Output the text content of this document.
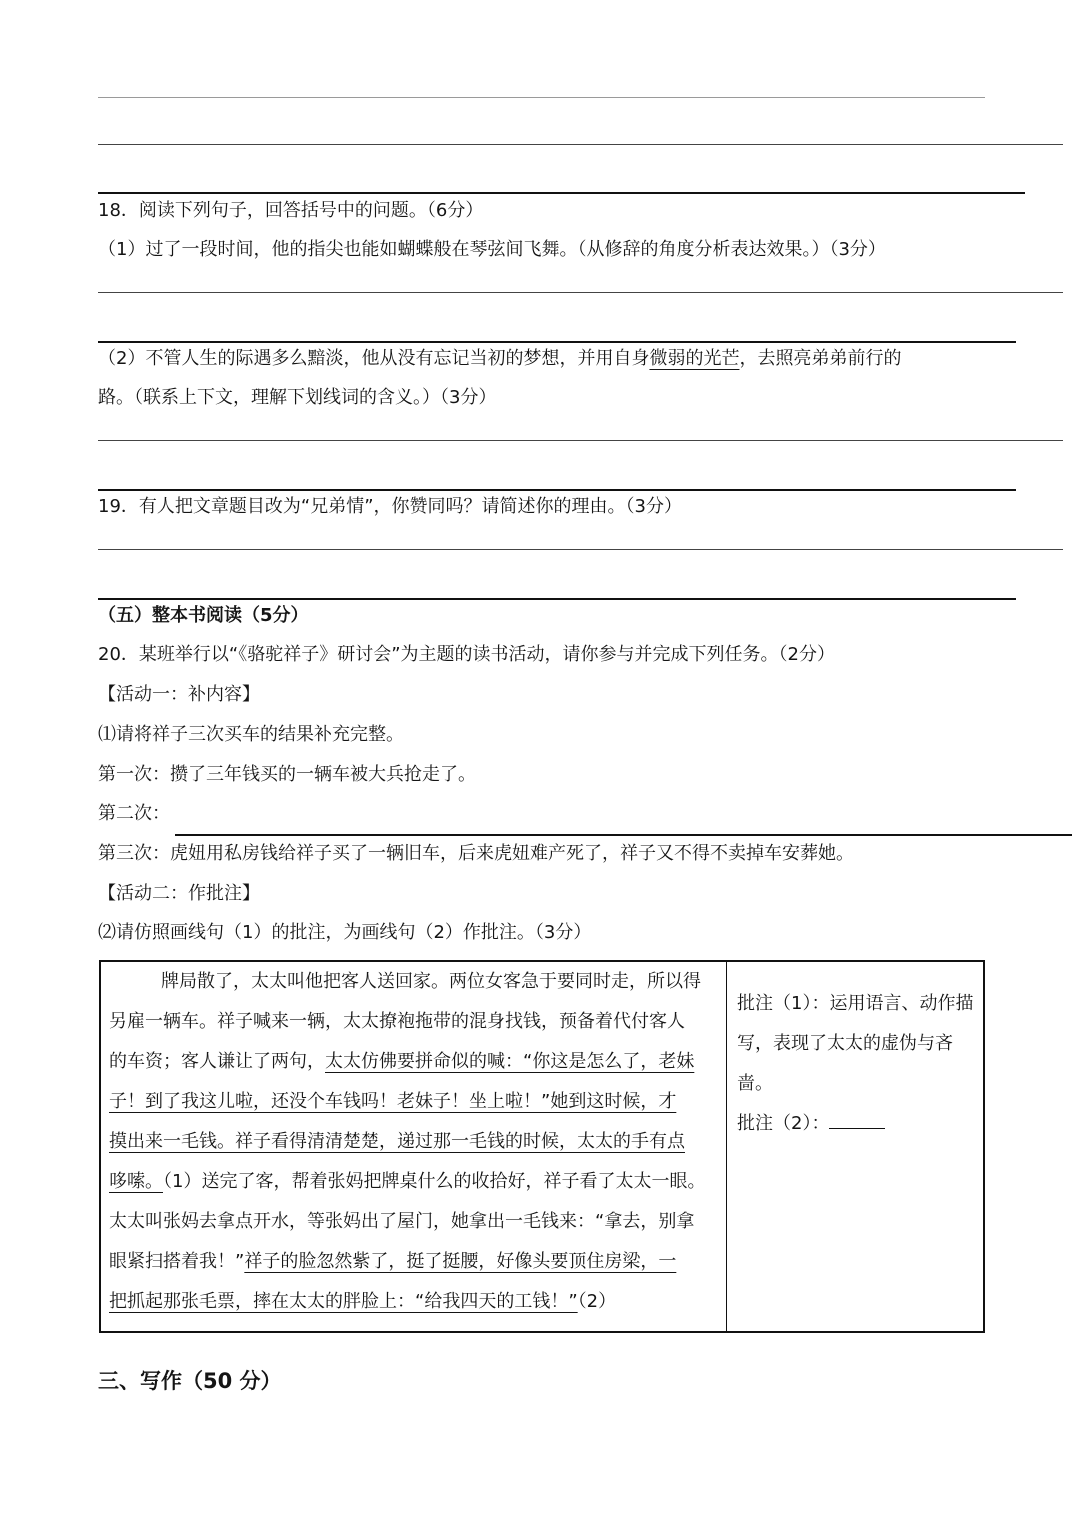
18．阅读下列句子，回答括号中的问题。（6分）
（1）过了一段时间，他的指尖也能如蝴蝶般在琴弦间飞舞。（从修辞的角度分析表达效果。）（3分）
（2）不管人生的际遇多么黯淡，他从没有忘记当初的梦想，并用自身微弱的光芒，去照亮弟弟前行的
路。（联系上下文，理解下划线词的含义。）（3分）
19．有人把文章题目改为“兄弟情”，你赞同吗？请简述你的理由。（3分）
（五）整本书阅读（5分）
20．某班举行以“《骆驼祥子》研讨会”为主题的读书活动，请你参与并完成下列任务。（2分）
【活动一：补内容】
⑴请将祥子三次买车的结果补充完整。
第一次：攒了三年钱买的一辆车被大兵抢走了。
第二次：
第三次：虎妞用私房钱给祥子买了一辆旧车，后来虎妞难产死了，祥子又不得不卖掉车安葬她。
【活动二：作批注】
⑵请仿照画线句（1）的批注，为画线句（2）作批注。（3分）
牌局散了，太太叫他把客人送回家。两位女客急于要同时走，所以得
另雇一辆车。祥子喊来一辆，太太撩袍拖带的混身找钱，预备着代付客人
的车资；客人谦让了两句，太太仿佛要拼命似的喊：“你这是怎么了，老妹
子！到了我这儿啦，还没个车钱吗！老妹子！坐上啦！”她到这时候，才
摸出来一毛钱。祥子看得清清楚楚，递过那一毛钱的时候，太太的手有点
哆嗦。（1）送完了客，帮着张妈把牌桌什么的收拾好，祥子看了太太一眼。
太太叫张妈去拿点开水，等张妈出了屋门，她拿出一毛钱来：“拿去，别拿
眼紧扫搭着我！”祥子的脸忽然紫了，挺了挺腰，好像头要顶住房梁，一
把抓起那张毛票，摔在太太的胖脸上：“给我四天的工钱！”（2）
批注（1）：运用语言、动作描
写，表现了太太的虚伪与吝
啬。
批注（2）：
三、写作（50 分）
